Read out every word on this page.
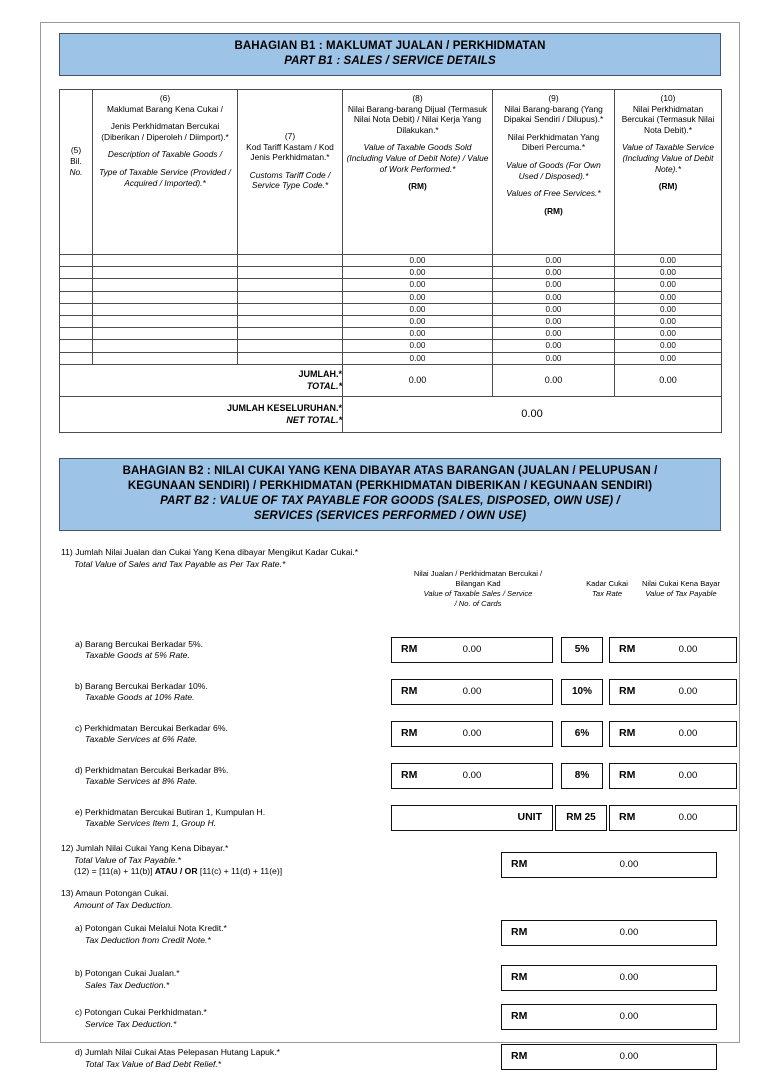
BAHAGIAN B1 : MAKLUMAT JUALAN / PERKHIDMATAN
PART B1 : SALES / SERVICE DETAILS
(5)
Bil. No.

(6)
Maklumat Barang Kena Cukai /
Jenis Perkhidmatan Bercukai (Diberikan / Diperoleh / Diimport).*
Description of Taxable Goods /
Type of Taxable Service (Provided / Acquired / Imported).*

(7)
Kod Tariff Kastam / Kod Jenis Perkhidmatan.*
Customs Tariff Code / Service Type Code.*

(8)
Nilai Barang-barang Dijual (Termasuk Nilai Nota Debit) / Nilai Kerja Yang Dilakukan.*
Value of Taxable Goods Sold (Including Value of Debit Note) / Value of Work Performed.*
(RM)

(9)
Nilai Barang-barang (Yang Dipakai Sendiri / Dilupus).*
Nilai Perkhidmatan Yang Diberi Percuma.*
Value of Goods (For Own Used / Disposed).*
Values of Free Services.*
(RM)

(10)
Nilai Perkhidmatan Bercukai (Termasuk Nilai Nota Debit).*
Value of Taxable Service (Including Value of Debit Note).*
(RM)

			0.00	0.00	0.00
			0.00	0.00	0.00
			0.00	0.00	0.00
			0.00	0.00	0.00
			0.00	0.00	0.00
			0.00	0.00	0.00
			0.00	0.00	0.00
			0.00	0.00	0.00
			0.00	0.00	0.00
JUMLAH.*
TOTAL.*			0.00	0.00	0.00
JUMLAH KESELURUHAN.*
NET TOTAL.*			0.00		
BAHAGIAN B2 : NILAI CUKAI YANG KENA DIBAYAR ATAS BARANGAN (JUALAN / PELUPUSAN /
KEGUNAAN SENDIRI) / PERKHIDMATAN (PERKHIDMATAN DIBERIKAN / KEGUNAAN SENDIRI)
PART B2 : VALUE OF TAX PAYABLE FOR GOODS (SALES, DISPOSED, OWN USE) /
SERVICES (SERVICES PERFORMED / OWN USE)
11) Jumlah Nilai Jualan dan Cukai Yang Kena dibayar Mengikut Kadar Cukai.*
Total Value of Sales and Tax Payable as Per Tax Rate.*
Nilai Jualan / Perkhidmatan Bercukai /
Bilangan Kad
Value of Taxable Sales / Service
/ No. of Cards
Kadar Cukai
Tax Rate
Nilai Cukai Kena Bayar
Value of Tax Payable
a) Barang Bercukai Berkadar 5%.
Taxable Goods at 5% Rate.
RM	0.00	5%	RM	0.00
b) Barang Bercukai Berkadar 10%.
Taxable Goods at 10% Rate.
RM	0.00	10%	RM	0.00
c) Perkhidmatan Bercukai Berkadar 6%.
Taxable Services at 6% Rate.
RM	0.00	6%	RM	0.00
d) Perkhidmatan Bercukai Berkadar 8%.
Taxable Services at 8% Rate.
RM	0.00	8%	RM	0.00
e) Perkhidmatan Bercukai Butiran 1, Kumpulan H.
Taxable Services Item 1, Group H.
UNIT	RM 25	RM	0.00
12) Jumlah Nilai Cukai Yang Kena Dibayar.*
Total Value of Tax Payable.*
(12) = [11(a) + 11(b)] ATAU / OR [11(c) + 11(d) + 11(e)]
RM	0.00
13) Amaun Potongan Cukai.
Amount of Tax Deduction.
a) Potongan Cukai Melalui Nota Kredit.*
Tax Deduction from Credit Note.*
RM	0.00
b) Potongan Cukai Jualan.*
Sales Tax Deduction.*
RM	0.00
c) Potongan Cukai Perkhidmatan.*
Service Tax Deduction.*
RM	0.00
d) Jumlah Nilai Cukai Atas Pelepasan Hutang Lapuk.*
Total Tax Value of Bad Debt Relief.*
RM	0.00
